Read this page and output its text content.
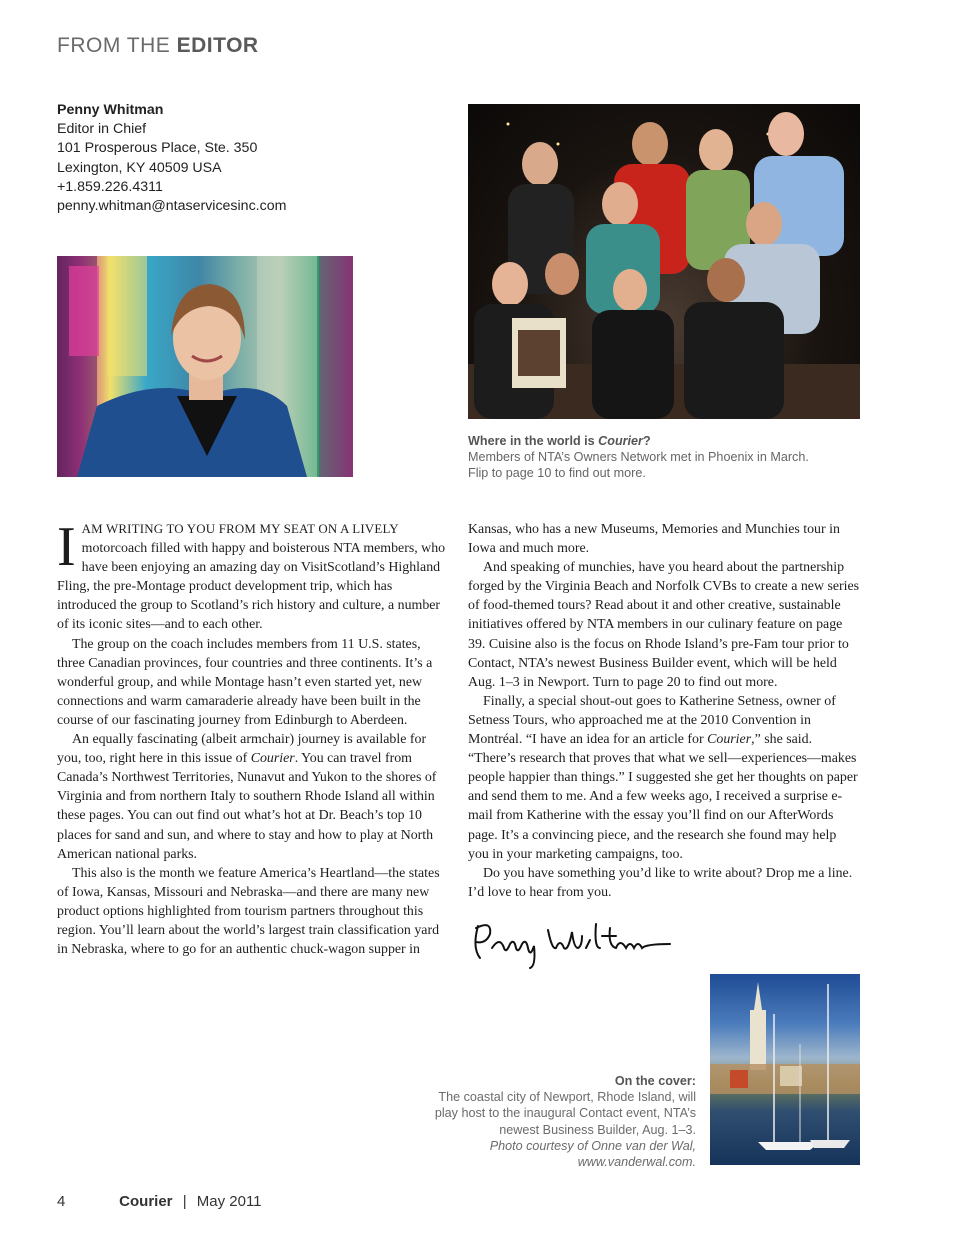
FROM THE EDITOR
Penny Whitman
Editor in Chief
101 Prosperous Place, Ste. 350
Lexington, KY 40509 USA
+1.859.226.4311
penny.whitman@ntaservicesinc.com
Where in the world is Courier?
Members of NTA’s Owners Network met in Phoenix in March.
Flip to page 10 to find out more.

IAM WRITING TO YOU FROM MY SEAT ON A LIVELY motorcoach filled with happy and boisterous NTA members, who have been enjoying an amazing day on VisitScotland’s Highland Fling, the pre-Montage product development trip, which has introduced the group to Scotland’s rich history and culture, a number of its iconic sites—and to each other.

The group on the coach includes members from 11 U.S. states, three Canadian provinces, four countries and three continents. It’s a wonderful group, and while Montage hasn’t even started yet, new connections and warm camaraderie already have been built in the course of our fascinating journey from Edinburgh to Aberdeen.

An equally fascinating (albeit armchair) journey is available for you, too, right here in this issue of Courier. You can travel from Canada’s Northwest Territories, Nunavut and Yukon to the shores of Virginia and from northern Italy to southern Rhode Island all within these pages. You can out find out what’s hot at Dr. Beach’s top 10 places for sand and sun, and where to stay and how to play at North American national parks.

This also is the month we feature America’s Heartland—the states of Iowa, Kansas, Missouri and Nebraska—and there are many new product options highlighted from tourism partners throughout this region. You’ll learn about the world’s largest train classification yard in Nebraska, where to go for an authentic chuck-wagon supper in

Kansas, who has a new Museums, Memories and Munchies tour in Iowa and much more.

And speaking of munchies, have you heard about the partnership forged by the Virginia Beach and Norfolk CVBs to create a new series of food-themed tours? Read about it and other creative, sustainable initiatives offered by NTA members in our culinary feature on page 39. Cuisine also is the focus on Rhode Island’s pre-Fam tour prior to Contact, NTA’s newest Business Builder event, which will be held Aug. 1–3 in Newport. Turn to page 20 to find out more.

Finally, a special shout-out goes to Katherine Setness, owner of Setness Tours, who approached me at the 2010 Convention in Montréal. “I have an idea for an article for Courier,” she said. “There’s research that proves that what we sell—experiences—makes people happier than things.” I suggested she get her thoughts on paper and send them to me. And a few weeks ago, I received a surprise e-mail from Katherine with the essay you’ll find on our AfterWords page. It’s a convincing piece, and the research she found may help you in your marketing campaigns, too.

Do you have something you’d like to write about? Drop me a line. I’d love to hear from you.

On the cover:
The coastal city of Newport, Rhode Island, will
play host to the inaugural Contact event, NTA’s
newest Business Builder, Aug. 1–3.
Photo courtesy of Onne van der Wal,
www.vanderwal.com.
4	Courier | May 2011
